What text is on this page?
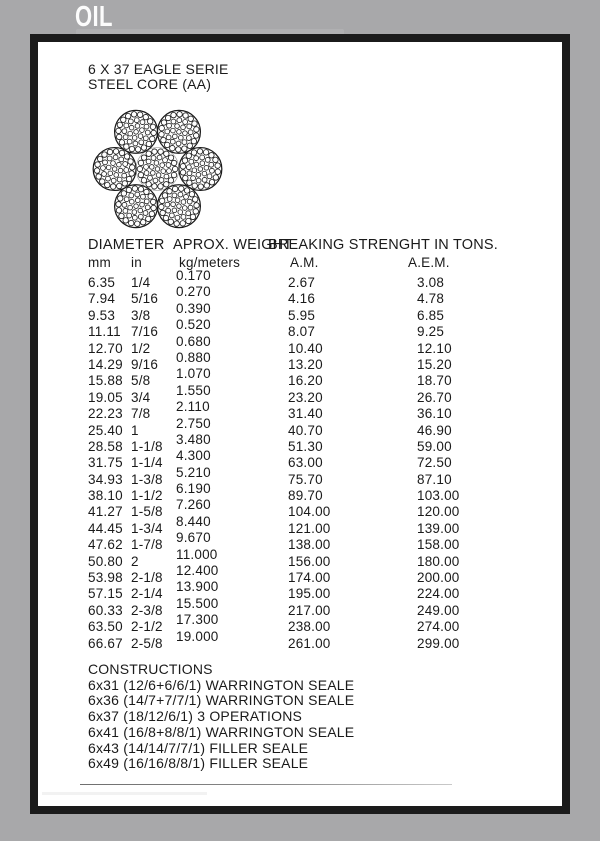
OIL
6 X 37 EAGLE SERIE
STEEL CORE (AA)
DIAMETER APROX. WEIGHT
BREAKING STRENGHT IN TONS.
mm in	kg/meters	A.M.	A.E.M.
6.35 1/4 0.170	2.67	3.08
7.94 5/16 0.270	4.16	4.78
9.53 3/8 0.390	5.95	6.85
11.11 7/16 0.520	8.07	9.25
12.70 1/2 0.680	10.40	12.10
14.29 9/16 0.880	13.20	15.20
15.88 5/8 1.070	16.20	18.70
19.05 3/4 1.550	23.20	26.70
22.23 7/8 2.110	31.40	36.10
25.40 1	2.750	40.70	46.90
28.58 1-1/8 3.480	51.30	59.00
31.75 1-1/4 4.300	63.00	72.50
34.93 1-3/8 5.210	75.70	87.10
38.10 1-1/2 6.190	89.70	103.00
41.27 1-5/8 7.260	104.00	120.00
44.45 1-3/4 8.440	121.00	139.00
47.62 1-7/8 9.670	138.00	158.00
50.80 2	11.000	156.00	180.00
53.98 2-1/8 12.400	174.00	200.00
57.15 2-1/4 13.900	195.00	224.00
60.33 2-3/8 15.500	217.00	249.00
63.50 2-1/2 17.300	238.00	274.00
66.67 2-5/8 19.000	261.00	299.00
CONSTRUCTIONS
6x31 (12/6+6/6/1) WARRINGTON SEALE
6x36 (14/7+7/7/1) WARRINGTON SEALE
6x37 (18/12/6/1) 3 OPERATIONS
6x41 (16/8+8/8/1) WARRINGTON SEALE
6x43 (14/14/7/7/1) FILLER SEALE
6x49 (16/16/8/8/1) FILLER SEALE
